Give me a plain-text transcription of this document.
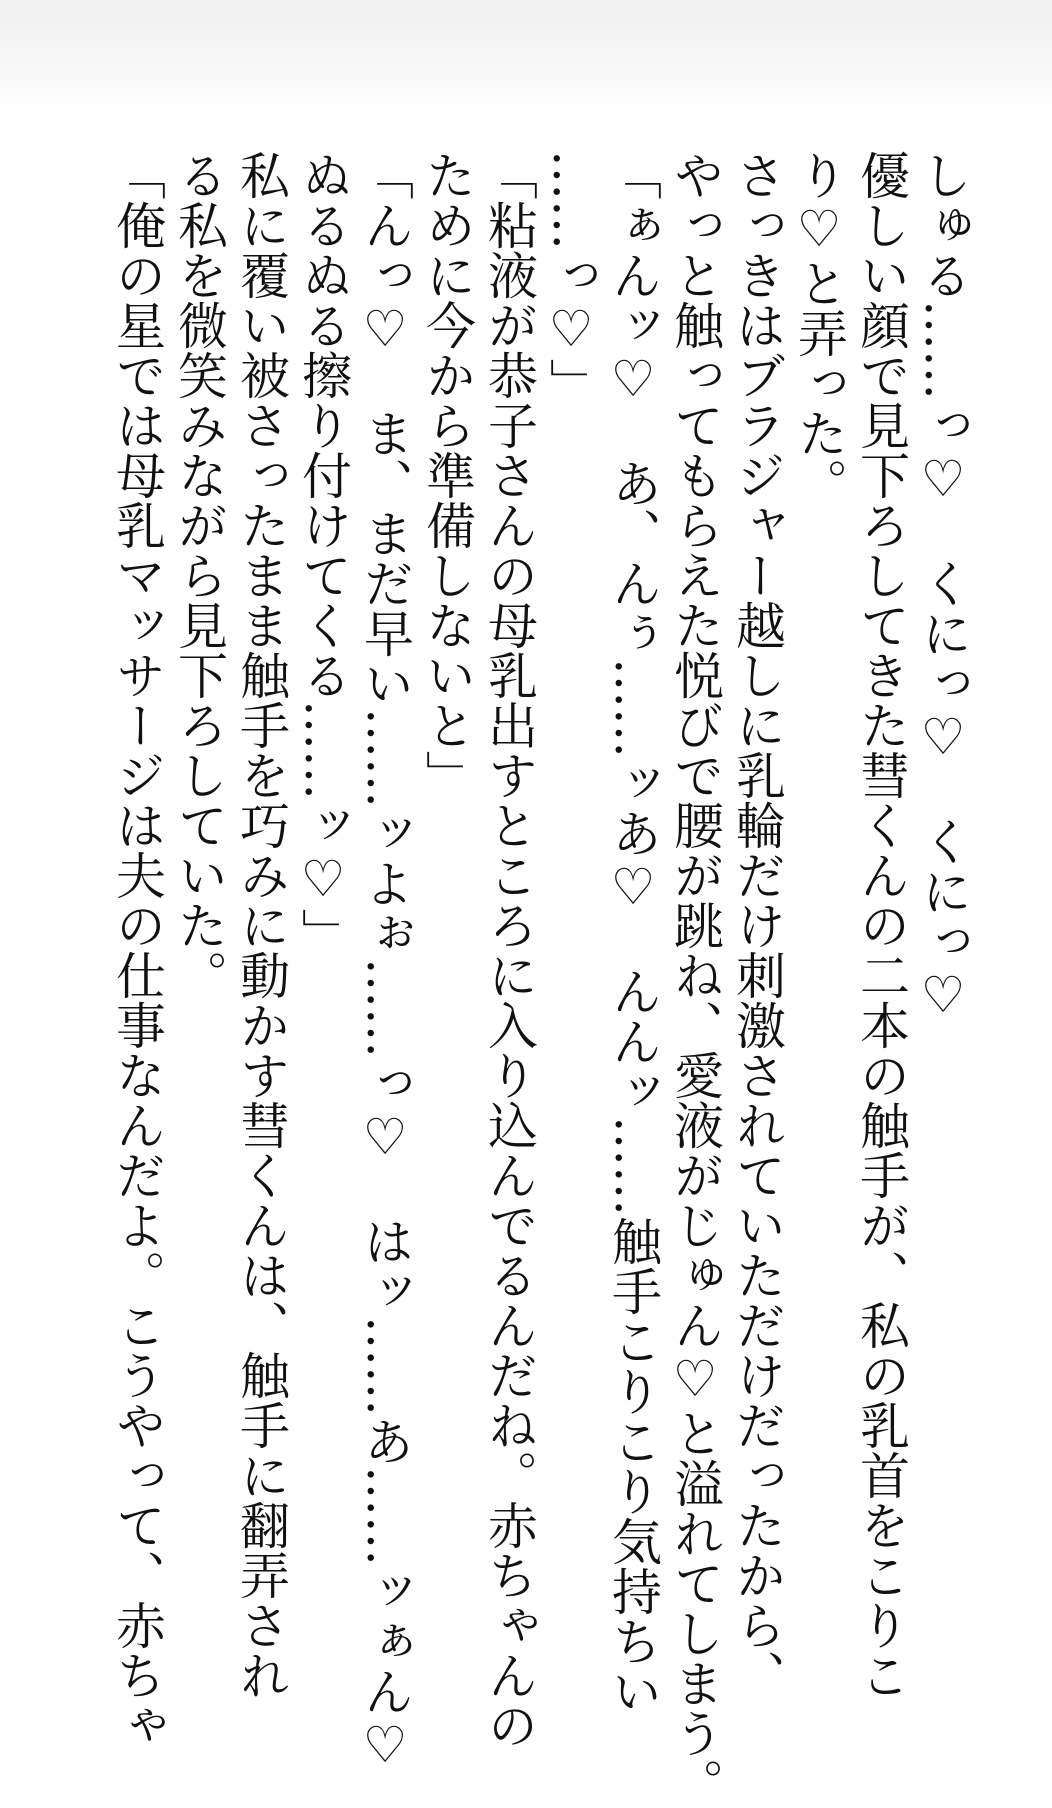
しゅる……っ♡　くにっ♡　くにっ♡
優しい顔で見下ろしてきた彗くんの二本の触手が、私の乳首をこりこ
り♡と弄った。
さっきはブラジャー越しに乳輪だけ刺激されていただけだったから、
やっと触ってもらえた悦びで腰が跳ね、愛液がじゅん♡と溢れてしまう。
「ぁんッ♡　あ、んぅ……ッあ♡　んんッ……触手こりこり気持ちい
……っ♡」
「粘液が恭子さんの母乳出すところに入り込んでるんだね。赤ちゃんの
ために今から準備しないと」
「んっ♡　ま、まだ早い……ッよぉ……っ♡　はッ……あ……ッぁん♡
ぬるぬる擦り付けてくる……ッ♡」
私に覆い被さったまま触手を巧みに動かす彗くんは、触手に翻弄され
る私を微笑みながら見下ろしていた。
「俺の星では母乳マッサージは夫の仕事なんだよ。こうやって、赤ちゃ
